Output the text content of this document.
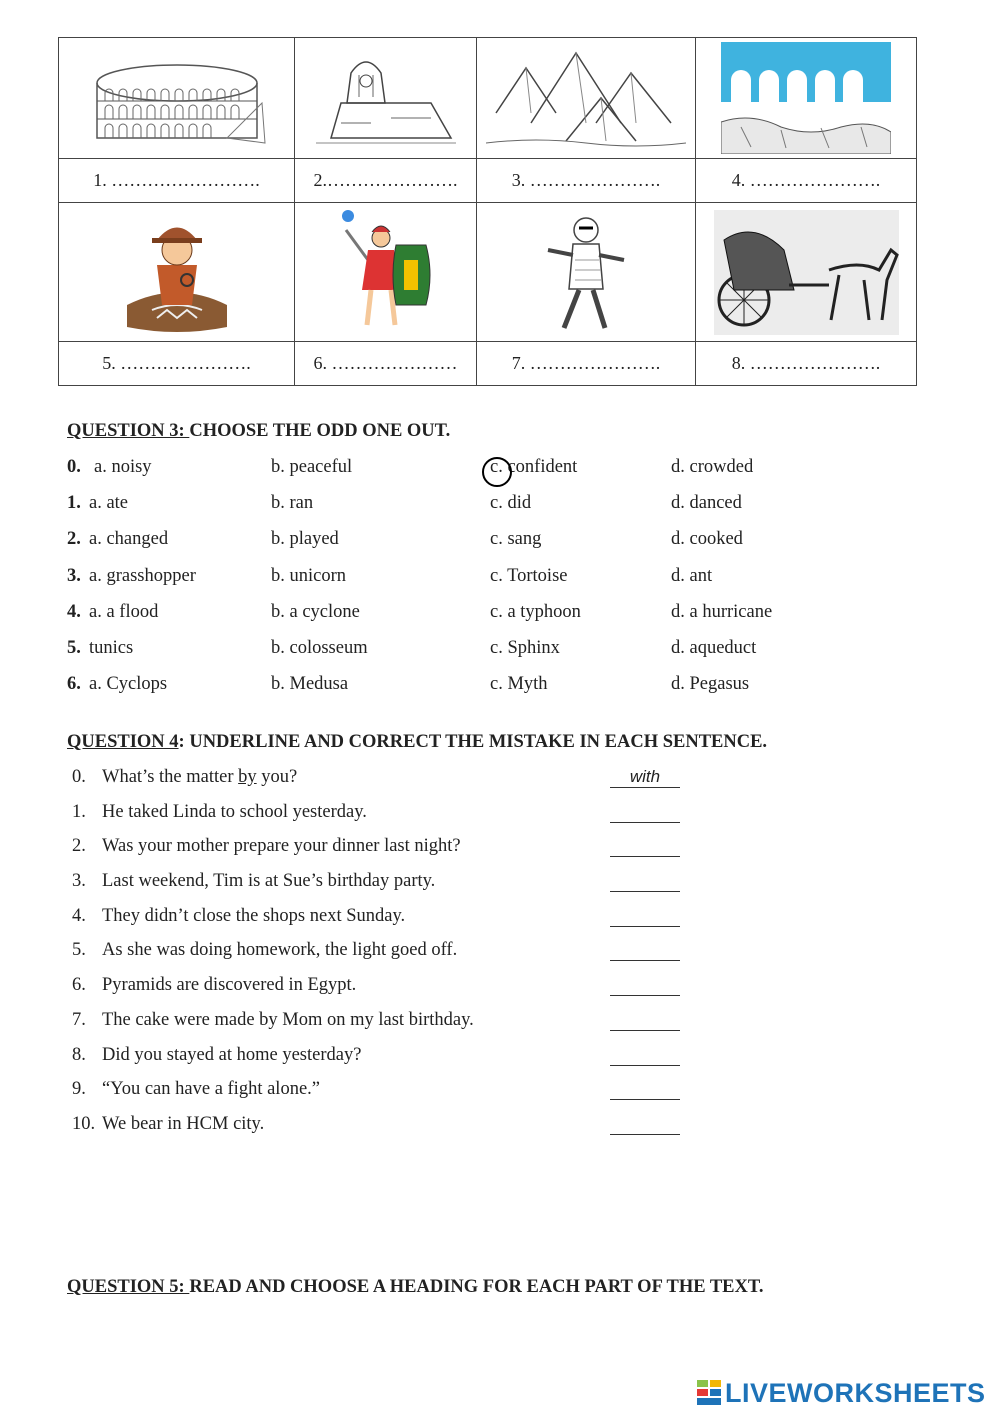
1. …………………….	2.………………….	3. ………………….	4. ………………….

5. ………………….	6. …………………	7. ………………….	8. ………………….
QUESTION 3: CHOOSE THE ODD ONE OUT.
0. a. noisy	b. peaceful	c. confident	d. crowded
1. a. ate	b. ran	c. did	d. danced
2. a. changed	b. played	c. sang	d. cooked
3. a. grasshopper	b. unicorn	c. Tortoise	d. ant
4. a. a flood	b. a cyclone	c. a typhoon	d. a hurricane
5. tunics	b. colosseum	c. Sphinx	d. aqueduct
6. a. Cyclops	b. Medusa	c. Myth	d. Pegasus
QUESTION 4: UNDERLINE AND CORRECT THE MISTAKE IN EACH SENTENCE.
0. What’s the matter by you?	with
1. He taked Linda to school yesterday.
2. Was your mother prepare your dinner last night?
3. Last weekend, Tim is at Sue’s birthday party.
4. They didn’t close the shops next Sunday.
5. As she was doing homework, the light goed off.
6. Pyramids are discovered in Egypt.
7. The cake were made by Mom on my last birthday.
8. Did you stayed at home yesterday?
9. “You can have a fight alone.”
10. We bear in HCM city.
QUESTION 5: READ AND CHOOSE A HEADING FOR EACH PART OF THE TEXT.
LIVEWORKSHEETS
